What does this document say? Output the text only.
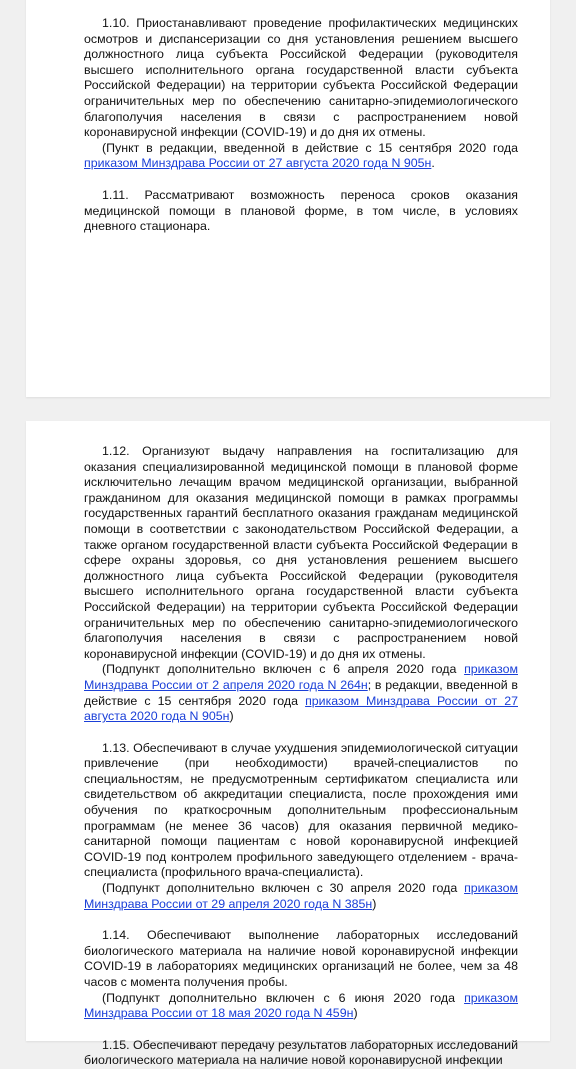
1.10. Приостанавливают проведение профилактических медицинских осмотров и диспансеризации со дня установления решением высшего должностного лица субъекта Российской Федерации (руководителя высшего исполнительного органа государственной власти субъекта Российской Федерации) на территории субъекта Российской Федерации ограничительных мер по обеспечению санитарно-эпидемиологического благополучия населения в связи с распространением новой коронавирусной инфекции (COVID-19) и до дня их отмены.

(Пункт в редакции, введенной в действие с 15 сентября 2020 года приказом Минздрава России от 27 августа 2020 года N 905н.

1.11. Рассматривают возможность переноса сроков оказания медицинской помощи в плановой форме, в том числе, в условиях дневного стационара.

1.12. Организуют выдачу направления на госпитализацию для оказания специализированной медицинской помощи в плановой форме исключительно лечащим врачом медицинской организации, выбранной гражданином для оказания медицинской помощи в рамках программы государственных гарантий бесплатного оказания гражданам медицинской помощи в соответствии с законодательством Российской Федерации, а также органом государственной власти субъекта Российской Федерации в сфере охраны здоровья, со дня установления решением высшего должностного лица субъекта Российской Федерации (руководителя высшего исполнительного органа государственной власти субъекта Российской Федерации) на территории субъекта Российской Федерации ограничительных мер по обеспечению санитарно-эпидемиологического благополучия населения в связи с распространением новой коронавирусной инфекции (COVID-19) и до дня их отмены.

(Подпункт дополнительно включен с 6 апреля 2020 года приказом Минздрава России от 2 апреля 2020 года N 264н; в редакции, введенной в действие с 15 сентября 2020 года приказом Минздрава России от 27 августа 2020 года N 905н)

1.13. Обеспечивают в случае ухудшения эпидемиологической ситуации привлечение (при необходимости) врачей-специалистов по специальностям, не предусмотренным сертификатом специалиста или свидетельством об аккредитации специалиста, после прохождения ими обучения по краткосрочным дополнительным профессиональным программам (не менее 36 часов) для оказания первичной медико-санитарной помощи пациентам с новой коронавирусной инфекцией COVID-19 под контролем профильного заведующего отделением - врача-специалиста (профильного врача-специалиста).

(Подпункт дополнительно включен с 30 апреля 2020 года приказом Минздрава России от 29 апреля 2020 года N 385н)

1.14. Обеспечивают выполнение лабораторных исследований биологического материала на наличие новой коронавирусной инфекции COVID-19 в лабораториях медицинских организаций не более, чем за 48 часов с момента получения пробы.

(Подпункт дополнительно включен с 6 июня 2020 года приказом Минздрава России от 18 мая 2020 года N 459н)

1.15. Обеспечивают передачу результатов лабораторных исследований биологического материала на наличие новой коронавирусной инфекции
